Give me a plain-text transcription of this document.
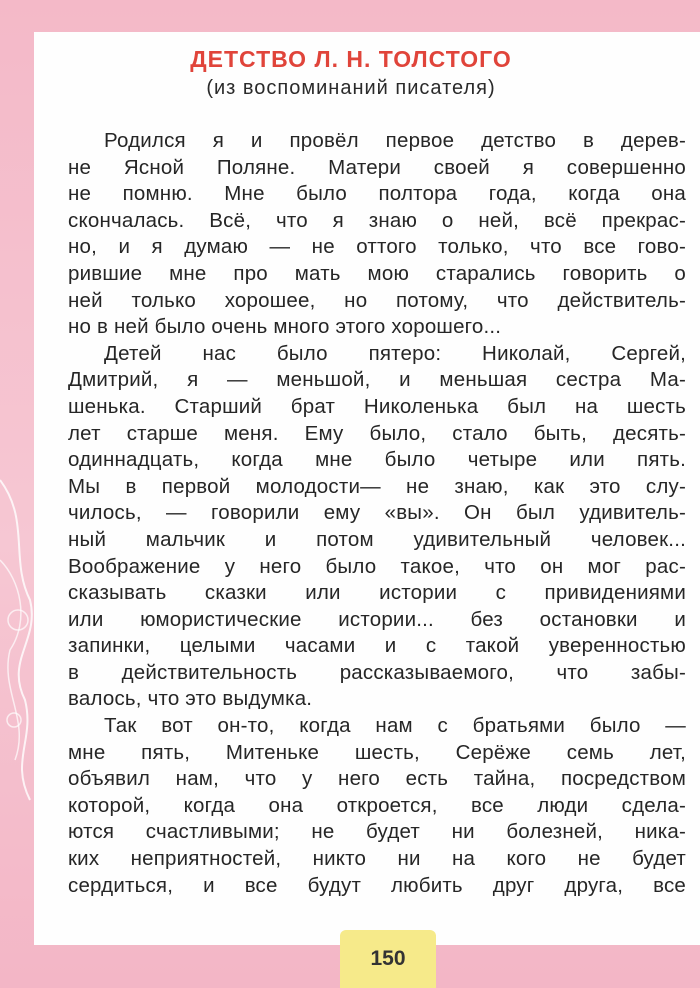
ДЕТСТВО Л. Н. ТОЛСТОГО

(из воспоминаний писателя)

Родился я и провёл первое детство в дерев-
не Ясной Поляне. Матери своей я совершенно
не помню. Мне было полтора года, когда она
скончалась. Всё, что я знаю о ней, всё прекрас-
но, и я думаю — не оттого только, что все гово-
рившие мне про мать мою старались говорить о
ней только хорошее, но потому, что действитель-
но в ней было очень много этого хорошего...
Детей нас было пятеро: Николай, Сергей,
Дмитрий, я — меньшой, и меньшая сестра Ма-
шенька. Старший брат Николенька был на шесть
лет старше меня. Ему было, стало быть, десять-
одиннадцать, когда мне было четыре или пять.
Мы в первой молодости— не знаю, как это слу-
чилось, — говорили ему «вы». Он был удивитель-
ный мальчик и потом удивительный человек...
Воображение у него было такое, что он мог рас-
сказывать сказки или истории с привидениями
или юмористические истории... без остановки и
запинки, целыми часами и с такой уверенностью
в действительность рассказываемого, что забы-
валось, что это выдумка.
Так вот он-то, когда нам с братьями было —
мне пять, Митеньке шесть, Серёже семь лет,
объявил нам, что у него есть тайна, посредством
которой, когда она откроется, все люди сдела-
ются счастливыми; не будет ни болезней, ника-
ких неприятностей, никто ни на кого не будет
сердиться, и все будут любить друг друга, все
150
